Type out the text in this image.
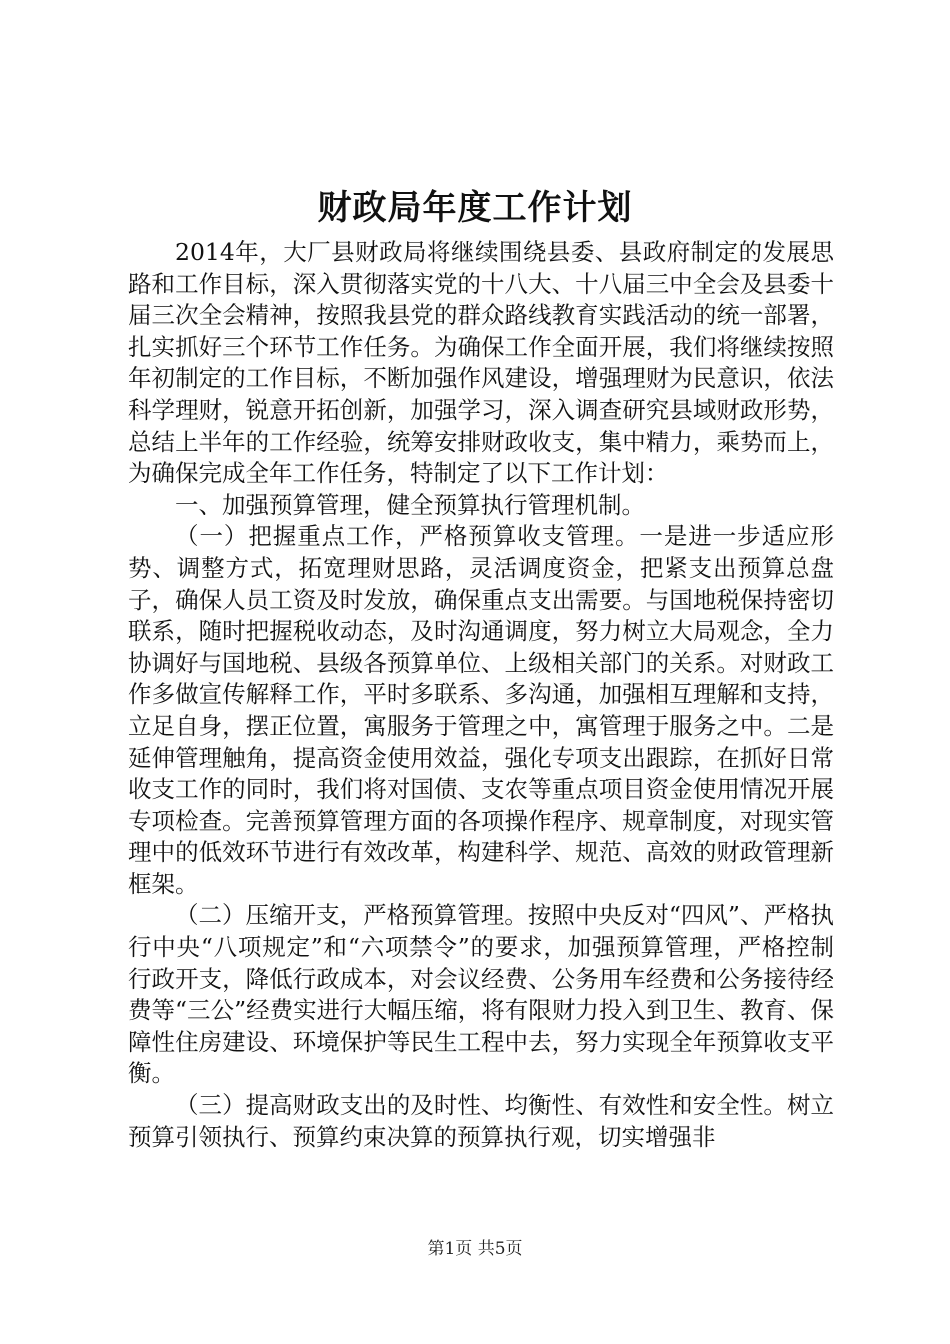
财政局年度工作计划

2014年，大厂县财政局将继续围绕县委、县政府制定的发展思路和工作目标，深入贯彻落实党的十八大、十八届三中全会及县委十届三次全会精神，按照我县党的群众路线教育实践活动的统一部署，扎实抓好三个环节工作任务。为确保工作全面开展，我们将继续按照年初制定的工作目标，不断加强作风建设，增强理财为民意识，依法科学理财，锐意开拓创新，加强学习，深入调查研究县域财政形势，总结上半年的工作经验，统筹安排财政收支，集中精力，乘势而上，为确保完成全年工作任务，特制定了以下工作计划：

一、加强预算管理，健全预算执行管理机制。

（一）把握重点工作，严格预算收支管理。一是进一步适应形势、调整方式，拓宽理财思路，灵活调度资金，把紧支出预算总盘子，确保人员工资及时发放，确保重点支出需要。与国地税保持密切联系，随时把握税收动态，及时沟通调度，努力树立大局观念，全力协调好与国地税、县级各预算单位、上级相关部门的关系。对财政工作多做宣传解释工作，平时多联系、多沟通，加强相互理解和支持，立足自身，摆正位置，寓服务于管理之中，寓管理于服务之中。二是延伸管理触角，提高资金使用效益，强化专项支出跟踪，在抓好日常收支工作的同时，我们将对国债、支农等重点项目资金使用情况开展专项检查。完善预算管理方面的各项操作程序、规章制度，对现实管理中的低效环节进行有效改革，构建科学、规范、高效的财政管理新框架。

（二）压缩开支，严格预算管理。按照中央反对“四风”、严格执行中央“八项规定”和“六项禁令”的要求，加强预算管理，严格控制行政开支，降低行政成本，对会议经费、公务用车经费和公务接待经费等“三公”经费实进行大幅压缩，将有限财力投入到卫生、教育、保障性住房建设、环境保护等民生工程中去，努力实现全年预算收支平衡。

（三）提高财政支出的及时性、均衡性、有效性和安全性。树立预算引领执行、预算约束决算的预算执行观，切实增强非

第1页 共5页
